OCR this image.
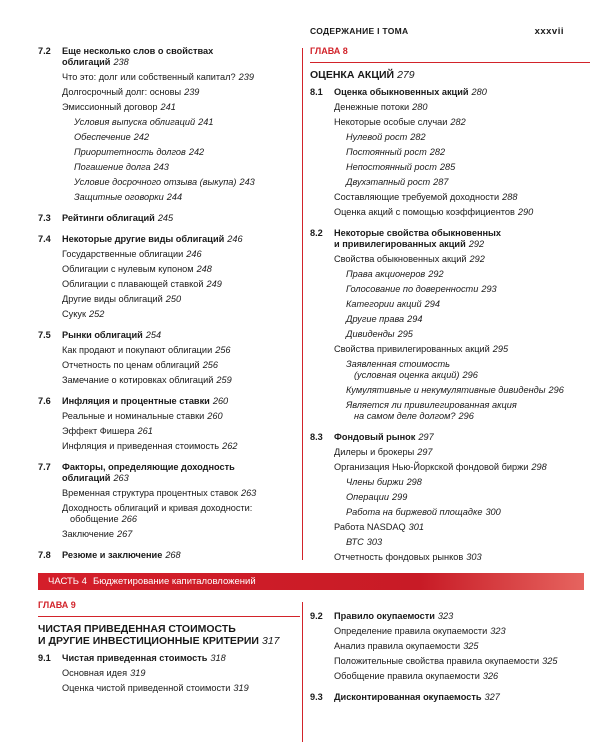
СОДЕРЖАНИЕ I ТОМА	xxxvii
7.2 Еще несколько слов о свойствах
облигаций 238
Что это: долг или собственный капитал? 239
Долгосрочный долг: основы 239
Эмиссионный договор 241
Условия выпуска облигаций 241
Обеспечение 242
Приоритетность долгов 242
Погашение долга 243
Условие досрочного отзыва (выкупа) 243
Защитные оговорки 244
7.3 Рейтинги облигаций 245
7.4 Некоторые другие виды облигаций 246
Государственные облигации 246
Облигации с нулевым купоном 248
Облигации с плавающей ставкой 249
Другие виды облигаций 250
Сукук 252
7.5 Рынки облигаций 254
Как продают и покупают облигации 256
Отчетность по ценам облигаций 256
Замечание о котировках облигаций 259
7.6 Инфляция и процентные ставки 260
Реальные и номинальные ставки 260
Эффект Фишера 261
Инфляция и приведенная стоимость 262
7.7 Факторы, определяющие доходность
облигаций 263
Временная структура процентных ставок 263
Доходность облигаций и кривая доходности:
обобщение 266
Заключение 267
7.8 Резюме и заключение 268
ГЛАВА 8
ОЦЕНКА АКЦИЙ 279
8.1 Оценка обыкновенных акций 280
Денежные потоки 280
Некоторые особые случаи 282
Нулевой рост 282
Постоянный рост 282
Непостоянный рост 285
Двухэтапный рост 287
Составляющие требуемой доходности 288
Оценка акций с помощью коэффициентов 290
8.2 Некоторые свойства обыкновенных
и привилегированных акций 292
Свойства обыкновенных акций 292
Права акционеров 292
Голосование по доверенности 293
Категории акций 294
Другие права 294
Дивиденды 295
Свойства привилегированных акций 295
Заявленная стоимость
(условная оценка акций) 296
Кумулятивные и некумулятивные дивиденды 296
Является ли привилегированная акция
на самом деле долгом? 296
8.3 Фондовый рынок 297
Дилеры и брокеры 297
Организация Нью-Йоркской фондовой биржи 298
Члены биржи 298
Операции 299
Работа на биржевой площадке 300
Работа NASDAQ 301
ВТС 303
Отчетность фондовых рынков 303
ЧАСТЬ 4 Бюджетирование капиталовложений
ГЛАВА 9
ЧИСТАЯ ПРИВЕДЕННАЯ СТОИМОСТЬ
И ДРУГИЕ ИНВЕСТИЦИОННЫЕ КРИТЕРИИ 317
9.1 Чистая приведенная стоимость 318
Основная идея 319
Оценка чистой приведенной стоимости 319
9.2 Правило окупаемости 323
Определение правила окупаемости 323
Анализ правила окупаемости 325
Положительные свойства правила окупаемости 325
Обобщение правила окупаемости 326
9.3 Дисконтированная окупаемость 327
